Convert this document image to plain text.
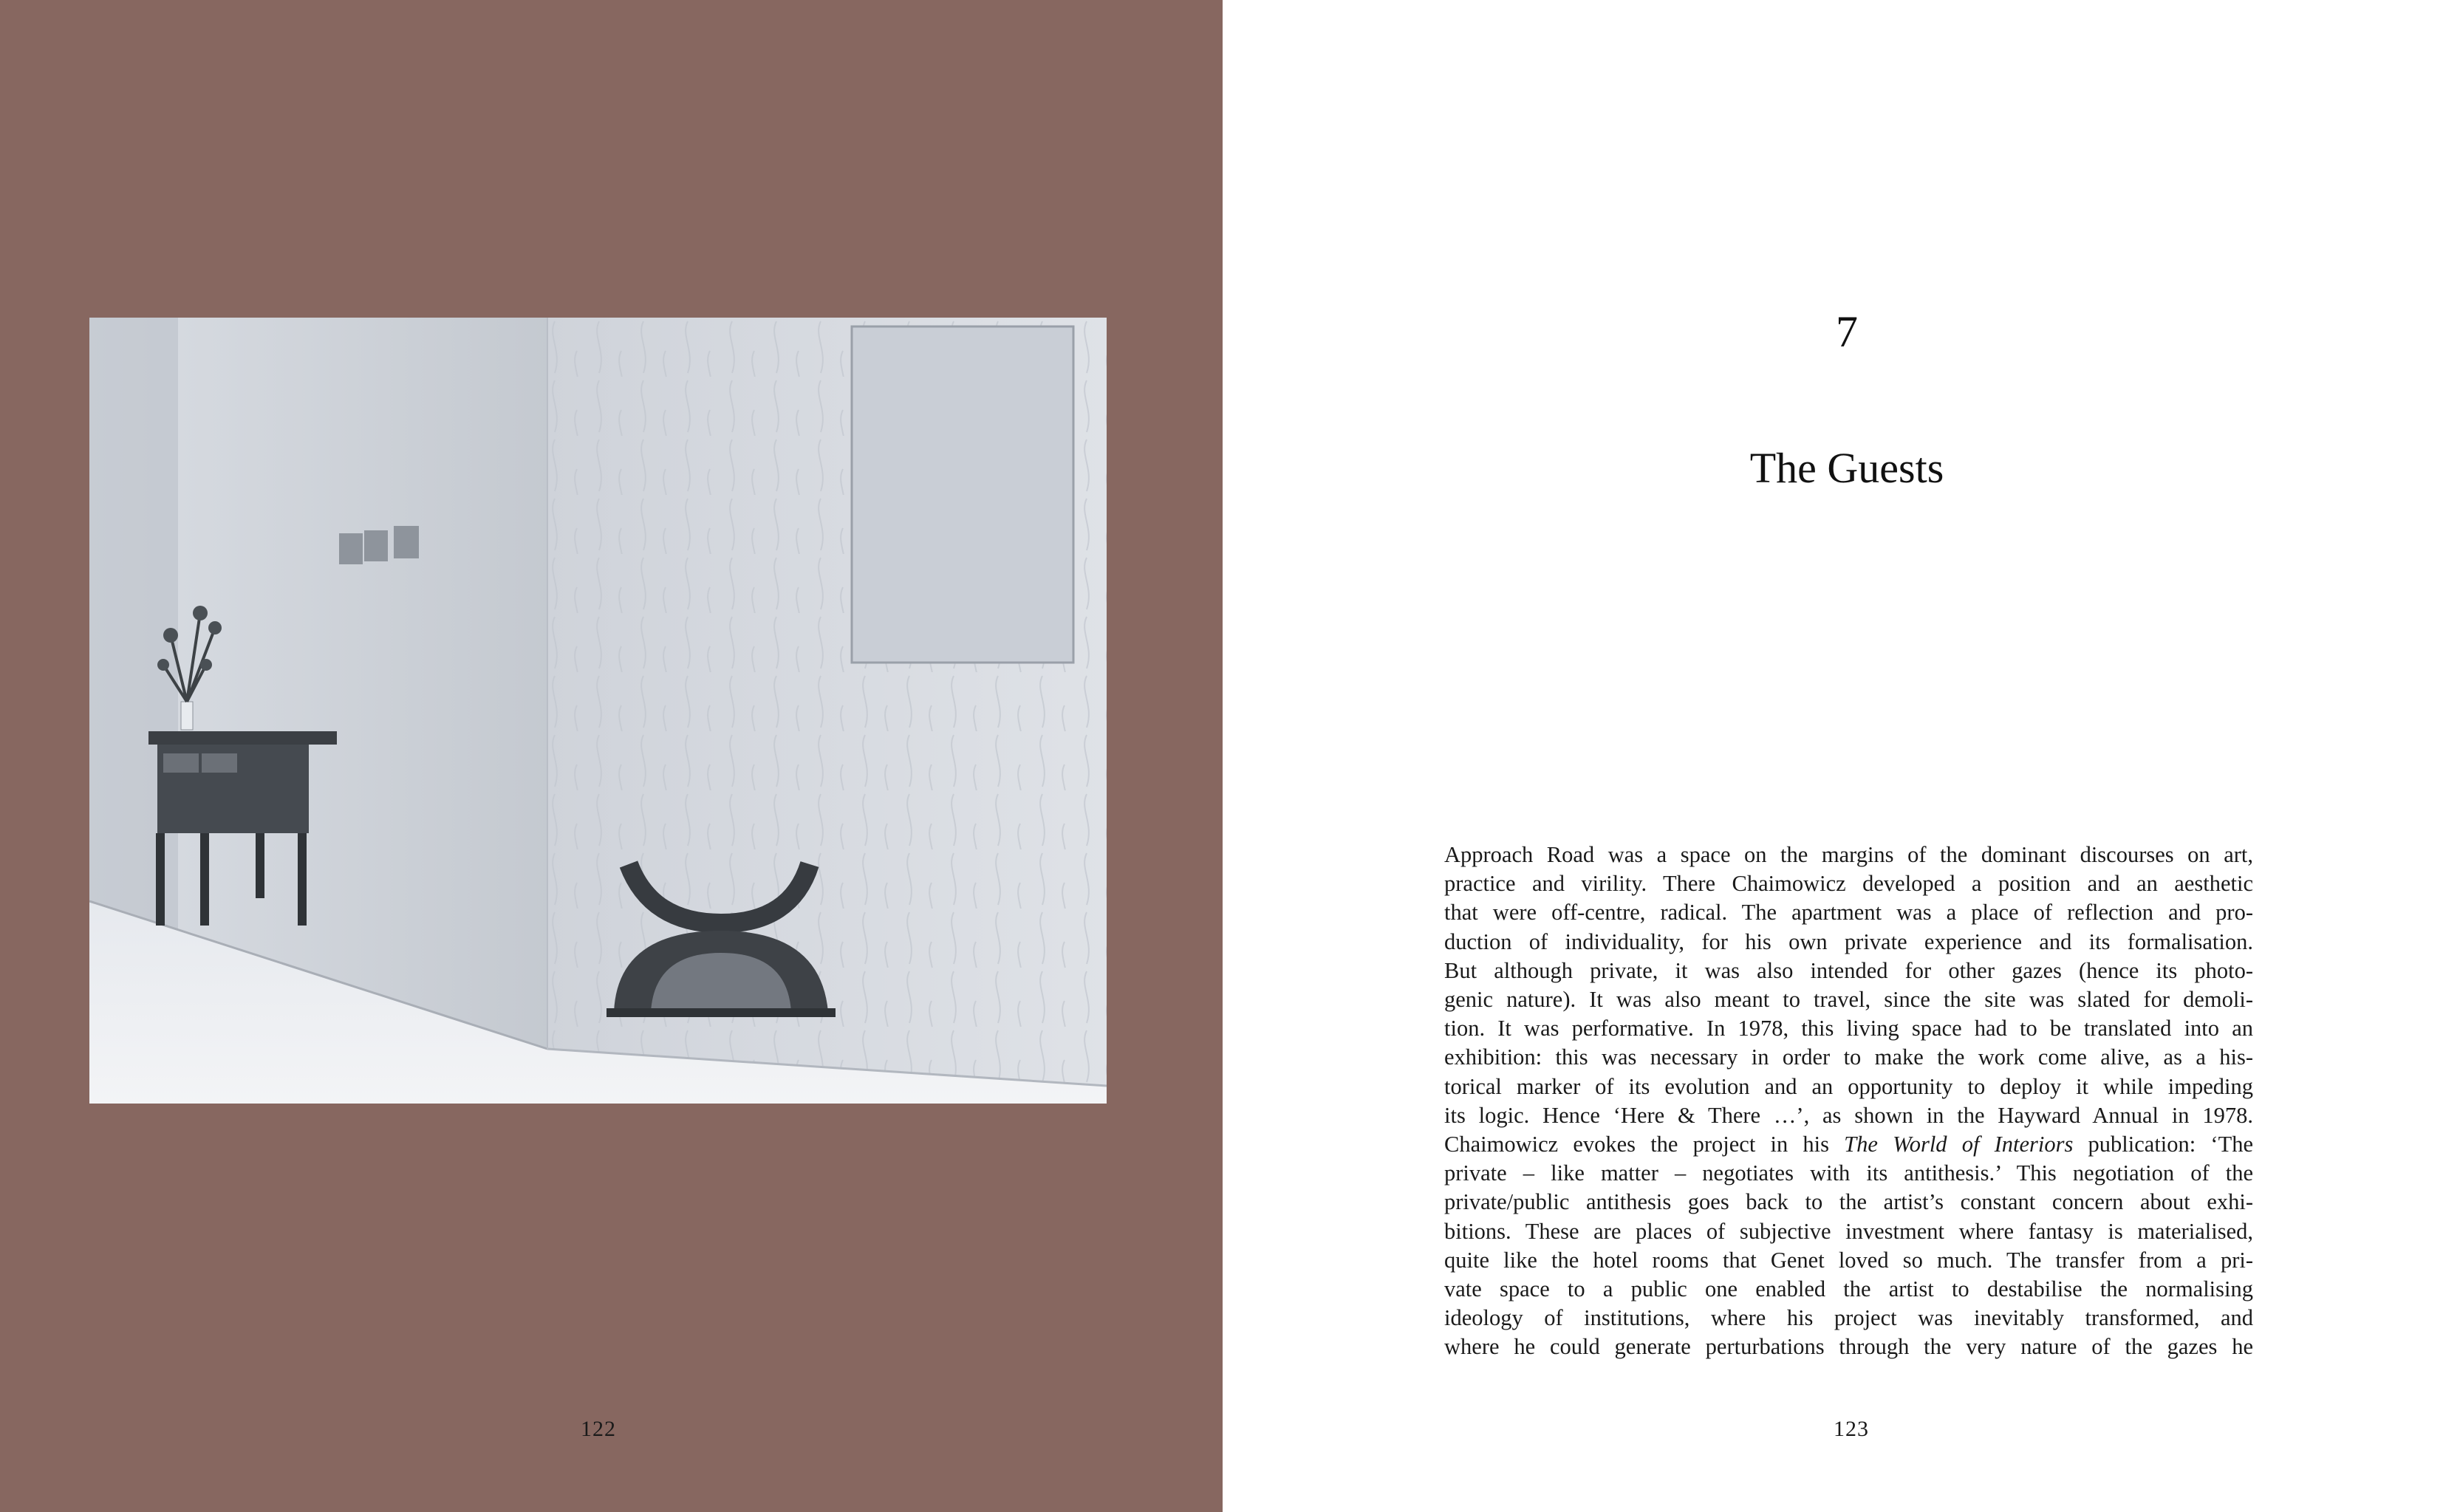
122
7
The Guests
Approach Road was a space on the margins of the dominant discourses on art,
practice and virility. There Chaimowicz developed a position and an aesthetic
that were off-centre, radical. The apartment was a place of reflection and pro-
duction of individuality, for his own private experience and its formalisation.
But although private, it was also intended for other gazes (hence its photo-
genic nature). It was also meant to travel, since the site was slated for demoli-
tion. It was performative. In 1978, this living space had to be translated into an
exhibition: this was necessary in order to make the work come alive, as a his-
torical marker of its evolution and an opportunity to deploy it while impeding
its logic. Hence ‘Here & There …’, as shown in the Hayward Annual in 1978.
Chaimowicz evokes the project in his The World of Interiors publication: ‘The
private – like matter – negotiates with its antithesis.’ This negotiation of the
private/public antithesis goes back to the artist’s constant concern about exhi-
bitions. These are places of subjective investment where fantasy is materialised,
quite like the hotel rooms that Genet loved so much. The transfer from a pri-
vate space to a public one enabled the artist to destabilise the normalising
ideology of institutions, where his project was inevitably transformed, and
where he could generate perturbations through the very nature of the gazes he
123
